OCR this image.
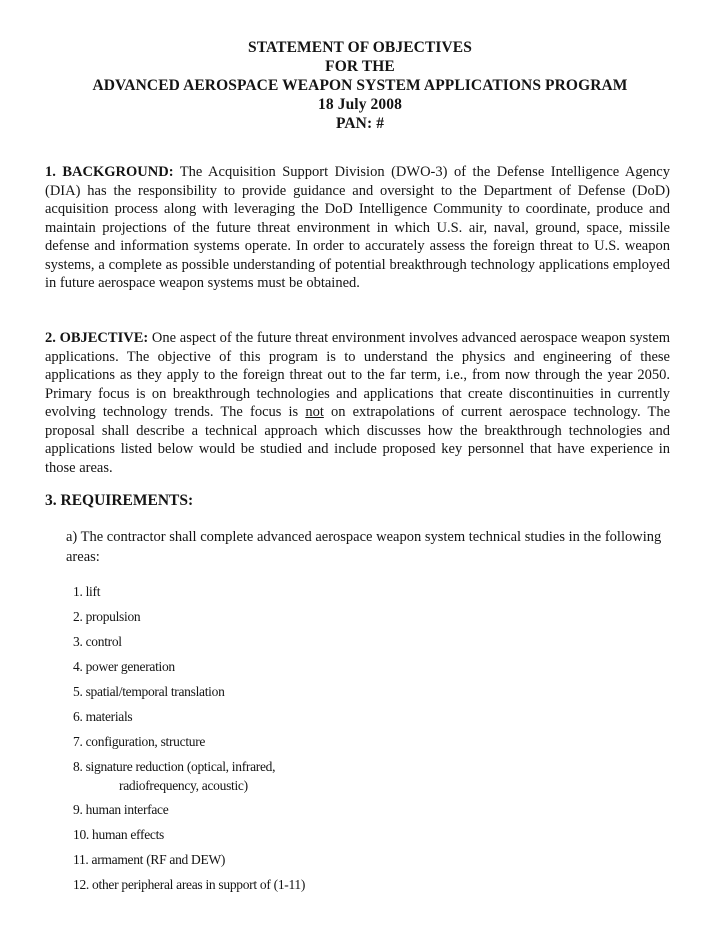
STATEMENT OF OBJECTIVES
FOR THE
ADVANCED AEROSPACE WEAPON SYSTEM APPLICATIONS PROGRAM
18 July 2008
PAN: #
1. BACKGROUND: The Acquisition Support Division (DWO-3) of the Defense Intelligence Agency (DIA) has the responsibility to provide guidance and oversight to the Department of Defense (DoD) acquisition process along with leveraging the DoD Intelligence Community to coordinate, produce and maintain projections of the future threat environment in which U.S. air, naval, ground, space, missile defense and information systems operate. In order to accurately assess the foreign threat to U.S. weapon systems, a complete as possible understanding of potential breakthrough technology applications employed in future aerospace weapon systems must be obtained.
2. OBJECTIVE: One aspect of the future threat environment involves advanced aerospace weapon system applications. The objective of this program is to understand the physics and engineering of these applications as they apply to the foreign threat out to the far term, i.e., from now through the year 2050. Primary focus is on breakthrough technologies and applications that create discontinuities in currently evolving technology trends. The focus is not on extrapolations of current aerospace technology. The proposal shall describe a technical approach which discusses how the breakthrough technologies and applications listed below would be studied and include proposed key personnel that have experience in those areas.
3. REQUIREMENTS:
a) The contractor shall complete advanced aerospace weapon system technical studies in the following areas:
1. lift
2. propulsion
3. control
4. power generation
5. spatial/temporal translation
6. materials
7. configuration, structure
8. signature reduction (optical, infrared,
radiofrequency, acoustic)
9. human interface
10. human effects
11. armament (RF and DEW)
12. other peripheral areas in support of (1-11)
